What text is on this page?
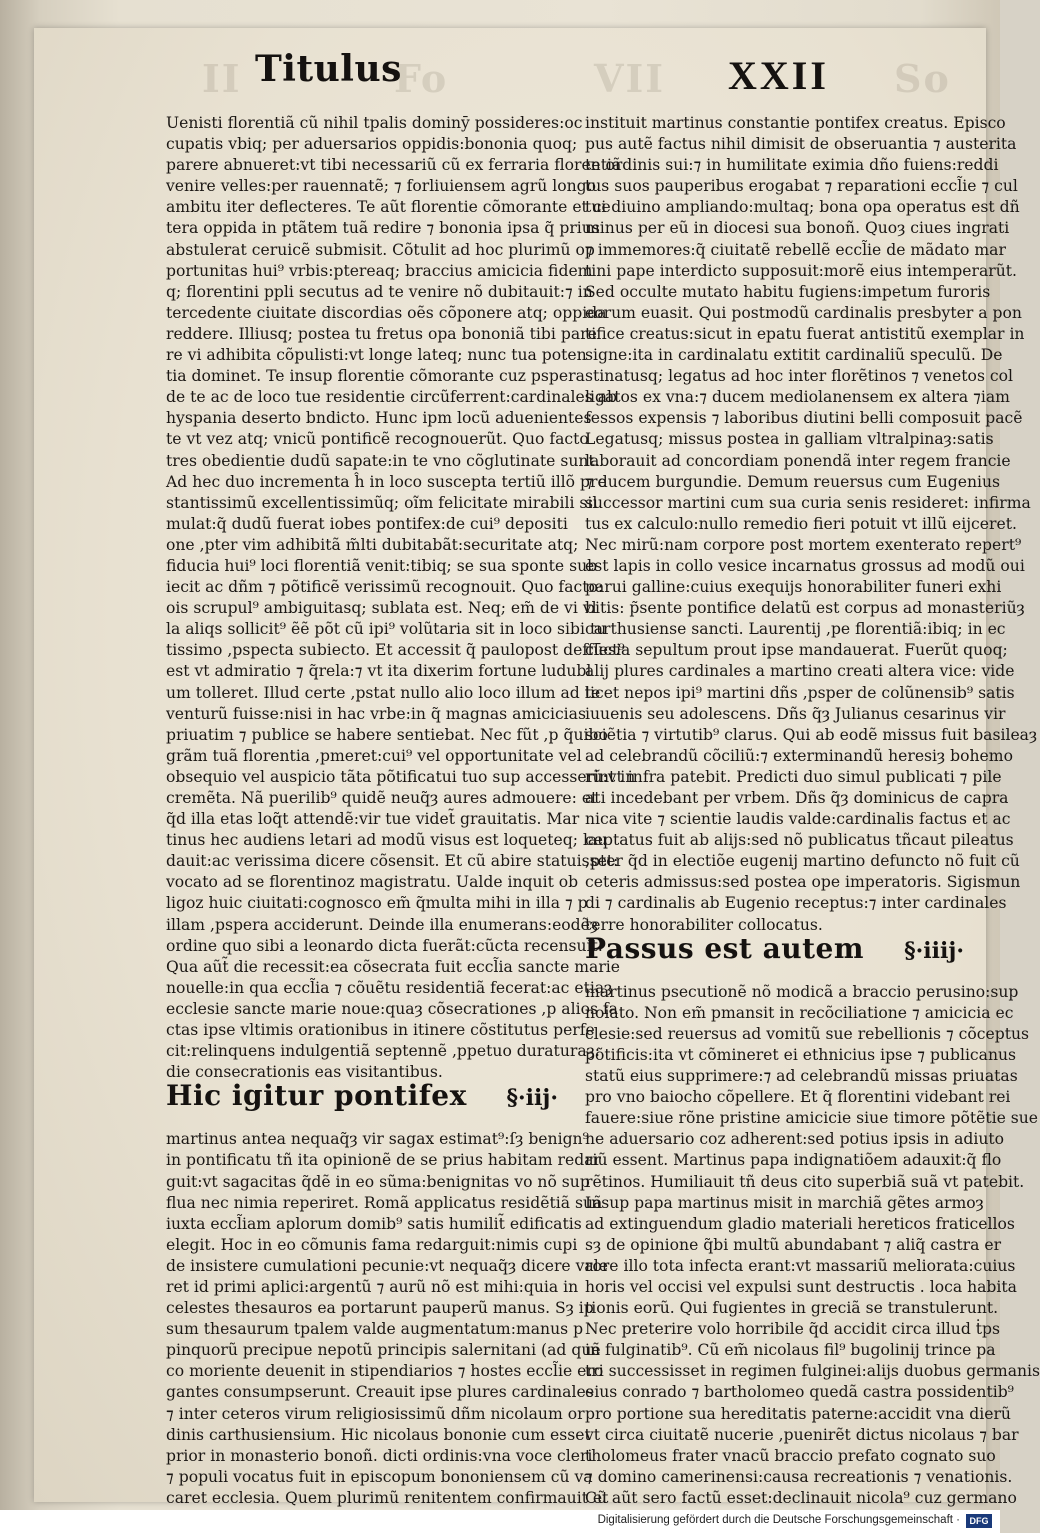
II	Fo	VII	So
Titulus	XXII
Uenisti florentiã cũ nihil tpalis dominȳ possideres:oc
cupatis vbiq; per aduersarios oppidis:bononia quoq;
parere abnueret:vt tibi necessariũ cũ ex ferraria florentiã
venire velles:per rauennatẽ; ⁊ forliuiensem agrũ longo
ambitu iter deflecteres. Te aũt florentie cõmorante et ce
tera oppida in ptãtem tuã redire ⁊ bononia ipsa q̃ prius
abstulerat ceruicẽ submisit. Cõtulit ad hoc plurimũ op
portunitas hui⁹ vrbis:ptereaq; braccius amicicia fidem
q; florentini ppli secutus ad te venire nõ dubitauit:⁊ in
tercedente ciuitate discordias oẽs cõponere atq; oppida
reddere. Illiusq; postea tu fretus opa bononiã tibi pare
re vi adhibita cõpulisti:vt longe lateq; nunc tua poten
tia dominet. Te insup florentie cõmorante cuz psperа
de te ac de loco tue residentie circũferrent:cardinales ab
hyspania deserto bndicto. Hunc ipm locũ aduenientes
te vt vez atq; vnicũ pontificẽ recognouerũt. Quo facto
tres obedientie dudũ sapate:in te vno cõglutinate sunt.
Ad hec duo incrementa ĥ in loco susceptа tertiũ illõ pre
stantissimũ excellentissimũq; oĩm felicitate mirabili sil
mulat:q̃ dudũ fuerat iobes pontifex:de cui⁹ depositi
one ,pter vim adhibitã m̃lti dubitabãt:securitate atq;
fiducia hui⁹ loci florentiã venit:tibiq; se sua sponte sub
iecit ac dñm ⁊ põtificẽ verissimũ recognouit. Quo facto:
ois scrupul⁹ ambiguitasq; sublata est. Neq; em̃ de vi vl
la aliqs sollicit⁹ ẽẽ põt cũ ipi⁹ volũtaria sit in loco sibi tu
tissimo ,pspecta subiecto. Et accessit q̃ paulopost deffūct⁹
est vt admiratio ⁊ q̃rela:⁊ vt ita dixerim fortune ludubl
um tolleret. Illud certe ,pstat nullo alio loco illum ad te
venturũ fuisse:nisi in hac vrbe:in q̃ magnas amicicias
priuatim ⁊ publice se habere sentiebat. Nec fũt ,p q̃uibо
grãm tuã florentia ,pmeret:cui⁹ vel opportunitate vel
obsequio vel auspicio tãta põtificatui tuo sup accesserint in
cremẽta. Nã puerilib⁹ quidẽ neuq̃ȝ aures admouere: et
q̃d illa etas loq̃t attendẽ:vir tue videt̃ grauitatis. Mar
tinus hec audiens letari ad modũ visus est loqueteq; lau
dauit:ac verissima dicere cõsensit. Et cũ abire statuisset:
vocato ad se florentinoz magistratu. Ualde inquit ob
ligoz huic ciuitati:cognosco em̃ q̃multa mihi in illa ⁊ p
illam ,pspera acciderunt. Deinde illa enumerans:eodẽȝ
ordine quo sibi a leonardo dicta fuerãt:cũcta recensuit.
Qua aũt̃ die recessit:ea cõsecrata fuit eccl̃ia sancte marie
nouelle:in qua eccl̃ia ⁊ cõuẽtu residentiã fecerat:ac etiaȝ
ecclesie sancte marie noue:quaȝ cõsecrationes ,p alios fa
ctas ipse vltimis orationibus in itinere cõstitutus perfe
cit:relinquens indulgentiã septennẽ ,ppetuo duraturaȝ:
die consecrationis eas visitantibus.
Hic igitur pontifex §·iij·
martinus antea nequaq̃ȝ vir sagax estimat⁹:ſȝ benign⁹
in pontificatu tñ ita opinionẽ de se prius habitam redar
guit:vt sagacitas q̃dẽ in eo sũma:benignitas vo nõ sup
flua nec nimia reperiret. Romã applicatus residẽtiã suã
iuxta eccl̃iam aplorum domib⁹ satis humilit̃ edificatis
elegit. Hoc in eo cõmunis fama redarguit:nimis cupi
de insistere cumulationi pecunie:vt nequaq̃ȝ dicere vale
ret id primi aplici:argentũ ⁊ aurũ nõ est mihi:quia in
celestes thesauros ea portarunt pauperũ manus. Sȝ ip
sum thesaurum tpalem valde augmentatum:manus p
pinquorũ precipue nepotũ principis salernitani (ad quẽ
co moriente deuenit in stipendiarios ⁊ hostes eccl̃ie ero
gantes consumpserunt. Creauit ipse plures cardinales
⁊ inter ceteros virum religiosissimũ dñm nicolaum or
dinis carthusiensium. Hic nicolaus bononie cum esset
prior in monasterio bonoñ. dicti ordinis:vna voce cleri
⁊ populi vocatus fuit in episcopum bononiensem cũ va
caret ecclesia. Quem plurimũ renitentem confirmauit et
instituit martinus constantie pontifex creatus. Episco
pus autẽ factus nihil dimisit de obseruantia ⁊ austerita
te ordinis sui:⁊ in humilitate eximia dño fuiens:reddi
tus suos pauperibus erogabat ⁊ reparationi eccl̃ie ⁊ cul
tui diuino ampliando:multaq; bona opa operatus est dñ
minus per eũ in diocesi sua bonoñ. Quoȝ ciues ingrati
⁊ immemores:q̃ ciuitatẽ rebellẽ eccl̃ie de mãdato mar
tini pape interdicto supposuit:morẽ eius intemperarũt.
Sed occulte mutato habitu fugiens:impetum furoris
eorum euasit. Qui postmodũ cardinalis presbyter a pon
tifice creatus:sicut in epatu fuerat antistitũ exemplar in
signe:ita in cardinalatu extitit cardinaliũ speculũ. De
stinatusq; legatus ad hoc inter florẽtinos ⁊ venetos col
ligatos ex vna:⁊ ducem mediolanensem ex altera ⁊iam
fessos expensis ⁊ laboribus diutini belli composuit pacẽ
Legatusq; missus postea in galliam vltralpinaȝ:satis
laborauit ad concordiam ponendã inter regem francie
⁊ ducem burgundie. Demum reuersus cum Eugenius
successor martini cum sua curia senis resideret: infirma
tus ex calculo:nullo remedio fieri potuit vt illũ eijceret.
Nec mirũ:nam corpore post mortem exenterato repert⁹
est lapis in collo vesice incarnatus grossus ad modũ oui
parui galline:cuius exequijs honorabiliter funeri exhi
bitis: p̃sente pontifice delatũ est corpus ad monasteriũȝ
carthusiense sancti. Laurentij ,pe florentiã:ibiq; in ec
clesia sepultum prout ipse mandauerat. Fuerũt quoq;
alij plures cardinales a martino creati altera vice: vide
licet nepos ipi⁹ martini dñs ,psper de colũnensib⁹ satis
iuuenis seu adolescens. Dñs q̃ȝ Julianus cesarinus vir
sciẽtia ⁊ virtutib⁹ clarus. Qui ab eodẽ missus fuit basileaȝ
ad celebrandũ cõciliũ:⁊ exterminandũ heresiȝ bohemo
rũ:vt infra patebit. Predicti duo simul publicati ⁊ pile
ati incedebant per vrbem. Dñs q̃ȝ dominicus de capra
nica vite ⁊ scientie laudis valde:cardinalis factus et ac
ceptatus fuit ab alijs:sed nõ publicatus tñcaut pileatus
,pter q̃d in electiõe eugenij martino defuncto nõ fuit cũ
ceteris admissus:sed postea ope imperatoris. Sigismun
di ⁊ cardinalis ab Eugenio receptus:⁊ inter cardinales
terre honorabiliter collocatus.
Passus est autem §·iiij·
martinus psecutionẽ nõ modicã a braccio perusino:sup
noiato. Non em̃ pmansit in recõciliatione ⁊ amicicia ec
clesie:sed reuersus ad vomitũ sue rebellionis ⁊ cõceptus
põtificis:ita vt cõmineret ei ethnicius ipse ⁊ publicanus
statũ eius supprimere:⁊ ad celebrandũ missas priuatas
pro vno baiocho cõpellere. Et q̃ florentini videbant rei
fauere:siue rõne pristine amicicie siue timore põtẽtie sue
ne aduersario coz adherent:sed potius ipsis in adiuto
riũ essent. Martinus papa indignatiõem adauxit:q̃ flo
rẽtinos. Humiliauit tñ deus cito superbiã suã vt patebit.
Insup papa martinus misit in marchiã gẽtes armoȝ
ad extinguendum gladio materiali hereticos fraticellos
sȝ de opinione q̃bi multũ abundabant ⁊ aliq̃ castra er
rore illo tota infecta erant:vt massariũ meliorata:cuius
horis vel occisi vel expulsi sunt destructis . loca habita
tionis eorũ. Qui fugientes in greciã se transtulerunt.
Nec preterire volo horribile q̃d accidit circa illud ṫps
in fulginatib⁹. Cũ em̃ nicolaus fil⁹ bugolinij trince pa
tri successisset in regimen fulginei:alijs duobus germanis
eius conrado ⁊ bartholomeo quedã castra possidentib⁹
pro portione sua hereditatis paterne:accidit vna dierũ
vt circa ciuitatẽ nucerie ,puenirẽt dictus nicolaus ⁊ bar
tholomeus frater vnacũ braccio prefato cognato suo
⁊ domino camerinensi:causa recreationis ⁊ venationis.
Cũ aũt sero factũ esset:declinauit nicola⁹ cuz germano
Digitalisierung gefördert durch die Deutsche Forschungsgemeinschaft ·	DFG
